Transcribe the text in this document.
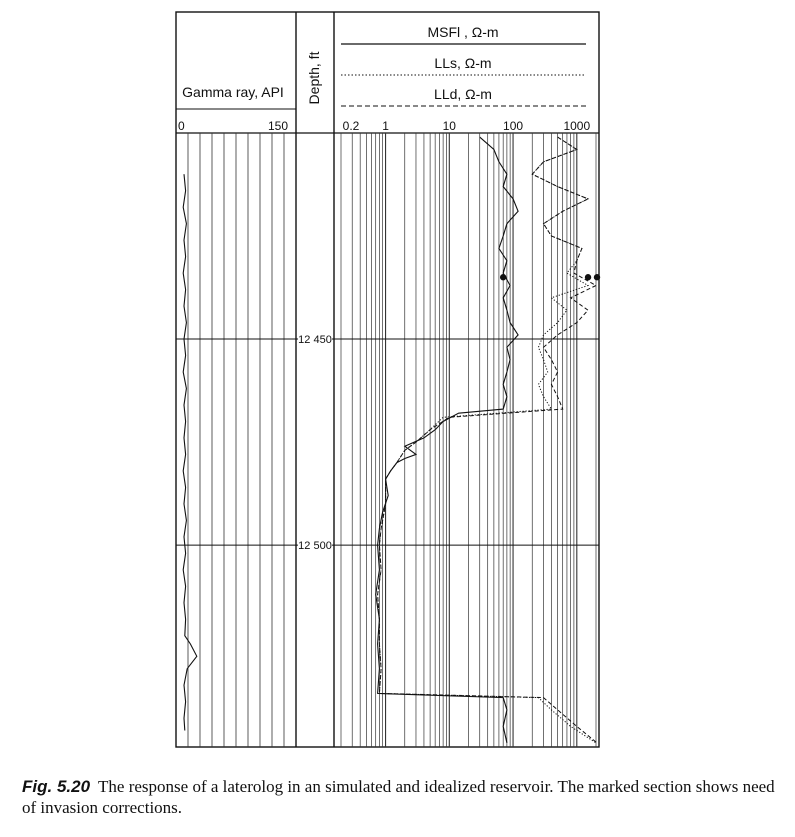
Gamma ray, API Depth, ft
MSFl , Ω-m
LLs, Ω-m
LLd, Ω-m
12 450
12 500
0	150	0.2 1	10	100	1000
Fig. 5.20 The response of a laterolog in an simulated and idealized reservoir. The marked section shows need of invasion corrections.
